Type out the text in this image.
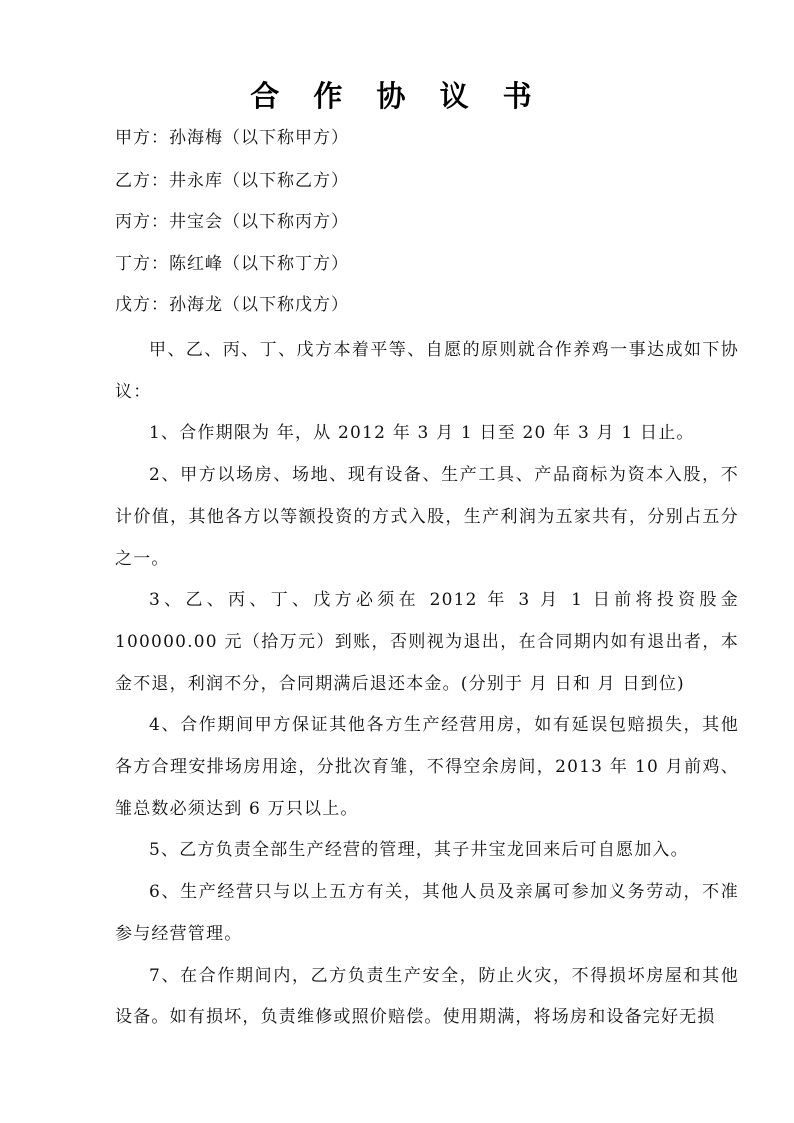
合 作 协 议 书
甲方：孙海梅（以下称甲方）
乙方：井永库（以下称乙方）
丙方：井宝会（以下称丙方）
丁方：陈红峰（以下称丁方）
戊方：孙海龙（以下称戊方）

甲、乙、丙、丁、戊方本着平等、自愿的原则就合作养鸡一事达成如下协议：

1、合作期限为 年，从 2012 年 3 月 1 日至 20 年 3 月 1 日止。

2、甲方以场房、场地、现有设备、生产工具、产品商标为资本入股，不计价值，其他各方以等额投资的方式入股，生产利润为五家共有，分别占五分之一。

3、乙、丙、丁、戊方必须在 2012 年 3 月 1 日前将投资股金 100000.00 元（拾万元）到账，否则视为退出，在合同期内如有退出者，本金不退，利润不分，合同期满后退还本金。(分别于 月 日和 月 日到位)

4、合作期间甲方保证其他各方生产经营用房，如有延误包赔损失，其他各方合理安排场房用途，分批次育雏，不得空余房间，2013 年 10 月前鸡、雏总数必须达到 6 万只以上。

5、乙方负责全部生产经营的管理，其子井宝龙回来后可自愿加入。

6、生产经营只与以上五方有关，其他人员及亲属可参加义务劳动，不准参与经营管理。

7、在合作期间内，乙方负责生产安全，防止火灾，不得损坏房屋和其他设备。如有损坏，负责维修或照价赔偿。使用期满，将场房和设备完好无损
